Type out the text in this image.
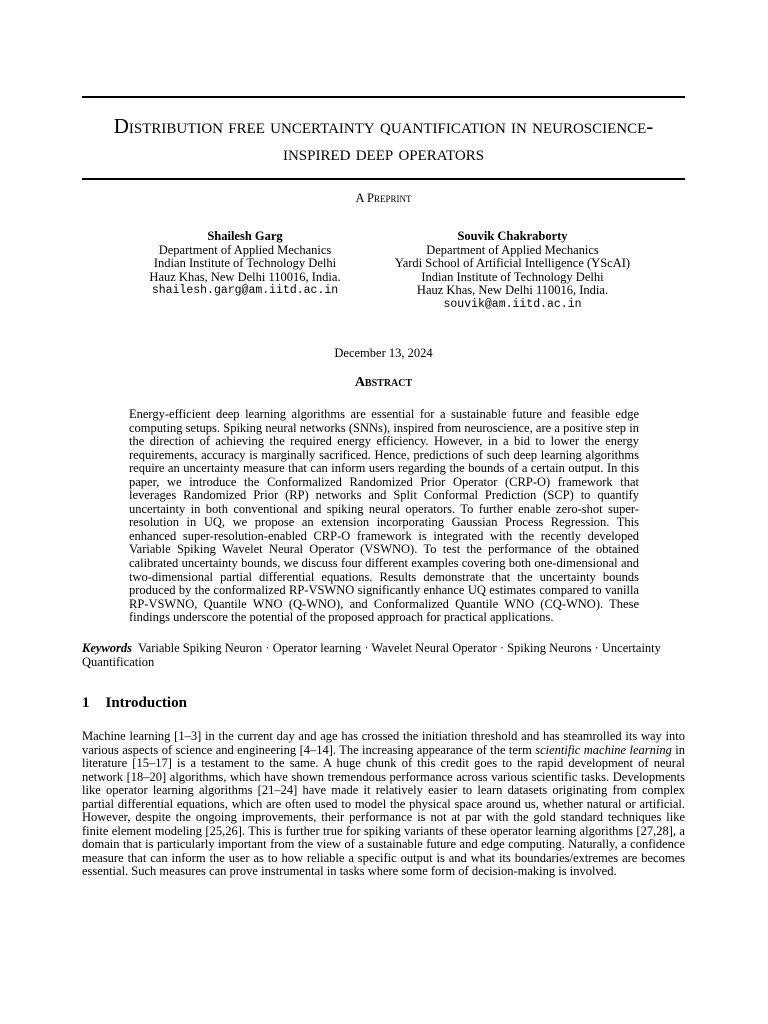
Distribution free uncertainty quantification in neuroscience-inspired deep operators
A Preprint
Shailesh Garg
Department of Applied Mechanics
Indian Institute of Technology Delhi
Hauz Khas, New Delhi 110016, India.
shailesh.garg@am.iitd.ac.in
Souvik Chakraborty
Department of Applied Mechanics
Yardi School of Artificial Intelligence (YScAI)
Indian Institute of Technology Delhi
Hauz Khas, New Delhi 110016, India.
souvik@am.iitd.ac.in
December 13, 2024
Abstract
Energy-efficient deep learning algorithms are essential for a sustainable future and feasible edge computing setups. Spiking neural networks (SNNs), inspired from neuroscience, are a positive step in the direction of achieving the required energy efficiency. However, in a bid to lower the energy requirements, accuracy is marginally sacrificed. Hence, predictions of such deep learning algorithms require an uncertainty measure that can inform users regarding the bounds of a certain output. In this paper, we introduce the Conformalized Randomized Prior Operator (CRP-O) framework that leverages Randomized Prior (RP) networks and Split Conformal Prediction (SCP) to quantify uncertainty in both conventional and spiking neural operators. To further enable zero-shot super-resolution in UQ, we propose an extension incorporating Gaussian Process Regression. This enhanced super-resolution-enabled CRP-O framework is integrated with the recently developed Variable Spiking Wavelet Neural Operator (VSWNO). To test the performance of the obtained calibrated uncertainty bounds, we discuss four different examples covering both one-dimensional and two-dimensional partial differential equations. Results demonstrate that the uncertainty bounds produced by the conformalized RP-VSWNO significantly enhance UQ estimates compared to vanilla RP-VSWNO, Quantile WNO (Q-WNO), and Conformalized Quantile WNO (CQ-WNO). These findings underscore the potential of the proposed approach for practical applications.
Keywords Variable Spiking Neuron · Operator learning · Wavelet Neural Operator · Spiking Neurons · Uncertainty Quantification
1 Introduction
Machine learning [1–3] in the current day and age has crossed the initiation threshold and has steamrolled its way into various aspects of science and engineering [4–14]. The increasing appearance of the term scientific machine learning in literature [15–17] is a testament to the same. A huge chunk of this credit goes to the rapid development of neural network [18–20] algorithms, which have shown tremendous performance across various scientific tasks. Developments like operator learning algorithms [21–24] have made it relatively easier to learn datasets originating from complex partial differential equations, which are often used to model the physical space around us, whether natural or artificial. However, despite the ongoing improvements, their performance is not at par with the gold standard techniques like finite element modeling [25,26]. This is further true for spiking variants of these operator learning algorithms [27,28], a domain that is particularly important from the view of a sustainable future and edge computing. Naturally, a confidence measure that can inform the user as to how reliable a specific output is and what its boundaries/extremes are becomes essential. Such measures can prove instrumental in tasks where some form of decision-making is involved.
